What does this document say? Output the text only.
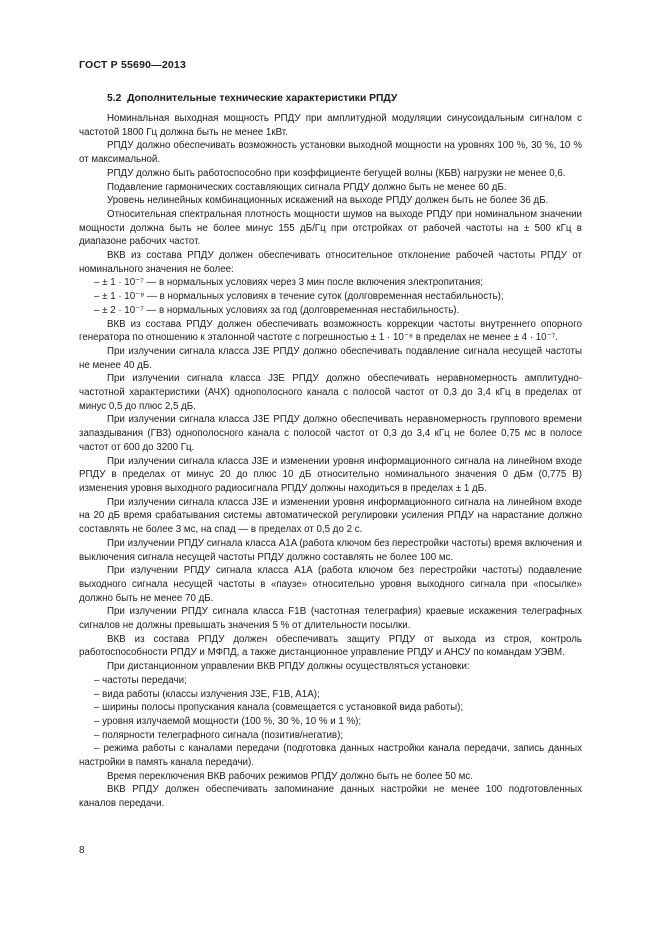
ГОСТ Р 55690—2013
5.2 Дополнительные технические характеристики РПДУ

Номинальная выходная мощность РПДУ при амплитудной модуляции синусоидальным сигналом с частотой 1800 Гц должна быть не менее 1кВт.

РПДУ должно обеспечивать возможность установки выходной мощности на уровнях 100 %, 30 %, 10 % от максимальной.

РПДУ должно быть работоспособно при коэффициенте бегущей волны (КБВ) нагрузки не менее 0,6.

Подавление гармонических составляющих сигнала РПДУ должно быть не менее 60 дБ.

Уровень нелинейных комбинационных искажений на выходе РПДУ должен быть не более 36 дБ.

Относительная спектральная плотность мощности шумов на выходе РПДУ при номинальном значении мощности должна быть не более минус 155 дБ/Гц при отстройках от рабочей частоты на ± 500 кГц в диапазоне рабочих частот.

ВКВ из состава РПДУ должен обеспечивать относительное отклонение рабочей частоты РПДУ от номинального значения не более:

– ± 1 · 10⁻⁷ — в нормальных условиях через 3 мин после включения электропитания;

– ± 1 · 10⁻⁸ — в нормальных условиях в течение суток (долговременная нестабильность);

– ± 2 · 10⁻⁷ — в нормальных условиях за год (долговременная нестабильность).

ВКВ из состава РПДУ должен обеспечивать возможность коррекции частоты внутреннего опорного генератора по отношению к эталонной частоте с погрешностью ± 1 · 10⁻⁸ в пределах не менее ± 4 · 10⁻⁷.

При излучении сигнала класса J3E РПДУ должно обеспечивать подавление сигнала несущей частоты не менее 40 дБ.

При излучении сигнала класса J3E РПДУ должно обеспечивать неравномерность амплитудно-частотной характеристики (АЧХ) однополосного канала с полосой частот от 0,3 до 3,4 кГц в пределах от минус 0,5 до плюс 2,5 дБ.

При излучении сигнала класса J3E РПДУ должно обеспечивать неравномерность группового времени запаздывания (ГВЗ) однополосного канала с полосой частот от 0,3 до 3,4 кГц не более 0,75 мс в полосе частот от 600 до 3200 Гц.

При излучении сигнала класса J3E и изменении уровня информационного сигнала на линейном входе РПДУ в пределах от минус 20 до плюс 10 дБ относительно номинального значения 0 дБм (0,775 В) изменения уровня выходного радиосигнала РПДУ должны находиться в пределах ± 1 дБ.

При излучении сигнала класса J3E и изменении уровня информационного сигнала на линейном входе на 20 дБ время срабатывания системы автоматической регулировки усиления РПДУ на нарастание должно составлять не более 3 мс, на спад — в пределах от 0,5 до 2 с.

При излучении РПДУ сигнала класса A1A (работа ключом без перестройки частоты) время включения и выключения сигнала несущей частоты РПДУ должно составлять не более 100 мс.

При излучении РПДУ сигнала класса A1A (работа ключом без перестройки частоты) подавление выходного сигнала несущей частоты в «паузе» относительно уровня выходного сигнала при «посылке» должно быть не менее 70 дБ.

При излучении РПДУ сигнала класса F1B (частотная телеграфия) краевые искажения телеграфных сигналов не должны превышать значения 5 % от длительности посылки.

ВКВ из состава РПДУ должен обеспечивать защиту РПДУ от выхода из строя, контроль работоспособности РПДУ и МФПД, а также дистанционное управление РПДУ и АНСУ по командам УЭВМ.

При дистанционном управлении ВКВ РПДУ должны осуществляться установки:

– частоты передачи;

– вида работы (классы излучения J3E, F1B, A1A);

– ширины полосы пропускания канала (совмещается с установкой вида работы);

– уровня излучаемой мощности (100 %, 30 %, 10 % и 1 %);

– полярности телеграфного сигнала (позитив/негатив);

– режима работы с каналами передачи (подготовка данных настройки канала передачи, запись данных настройки в память канала передачи).

Время переключения ВКВ рабочих режимов РПДУ должно быть не более 50 мс.

ВКВ РПДУ должен обеспечивать запоминание данных настройки не менее 100 подготовленных каналов передачи.

8
